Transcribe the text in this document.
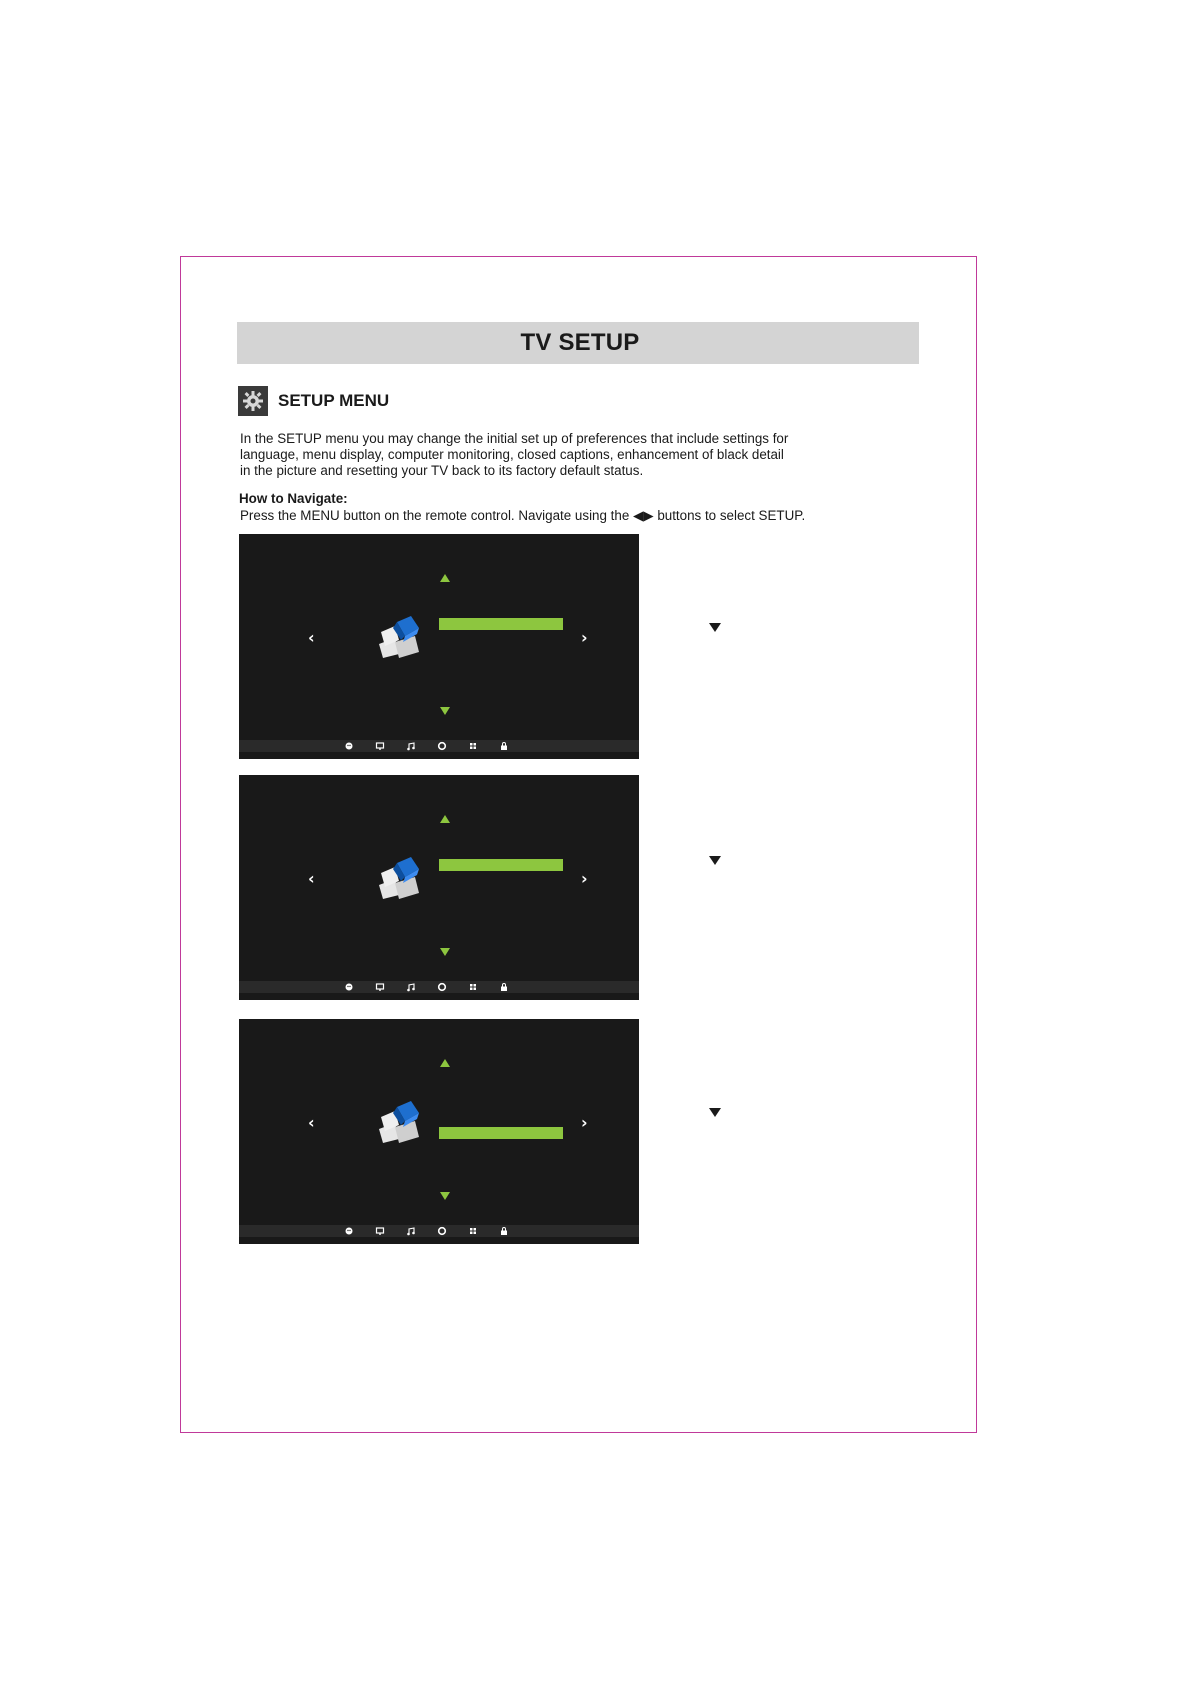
TV SETUP
SETUP MENU
In the SETUP menu you may change the initial set up of preferences that include settings for
language, menu display, computer monitoring, closed captions, enhancement of black detail
in the picture and resetting your TV back to its factory default status.
How to Navigate:
Press the MENU button on the remote control. Navigate using the ◀▶ buttons to select SETUP.
‹	›
‹	›
‹	›
